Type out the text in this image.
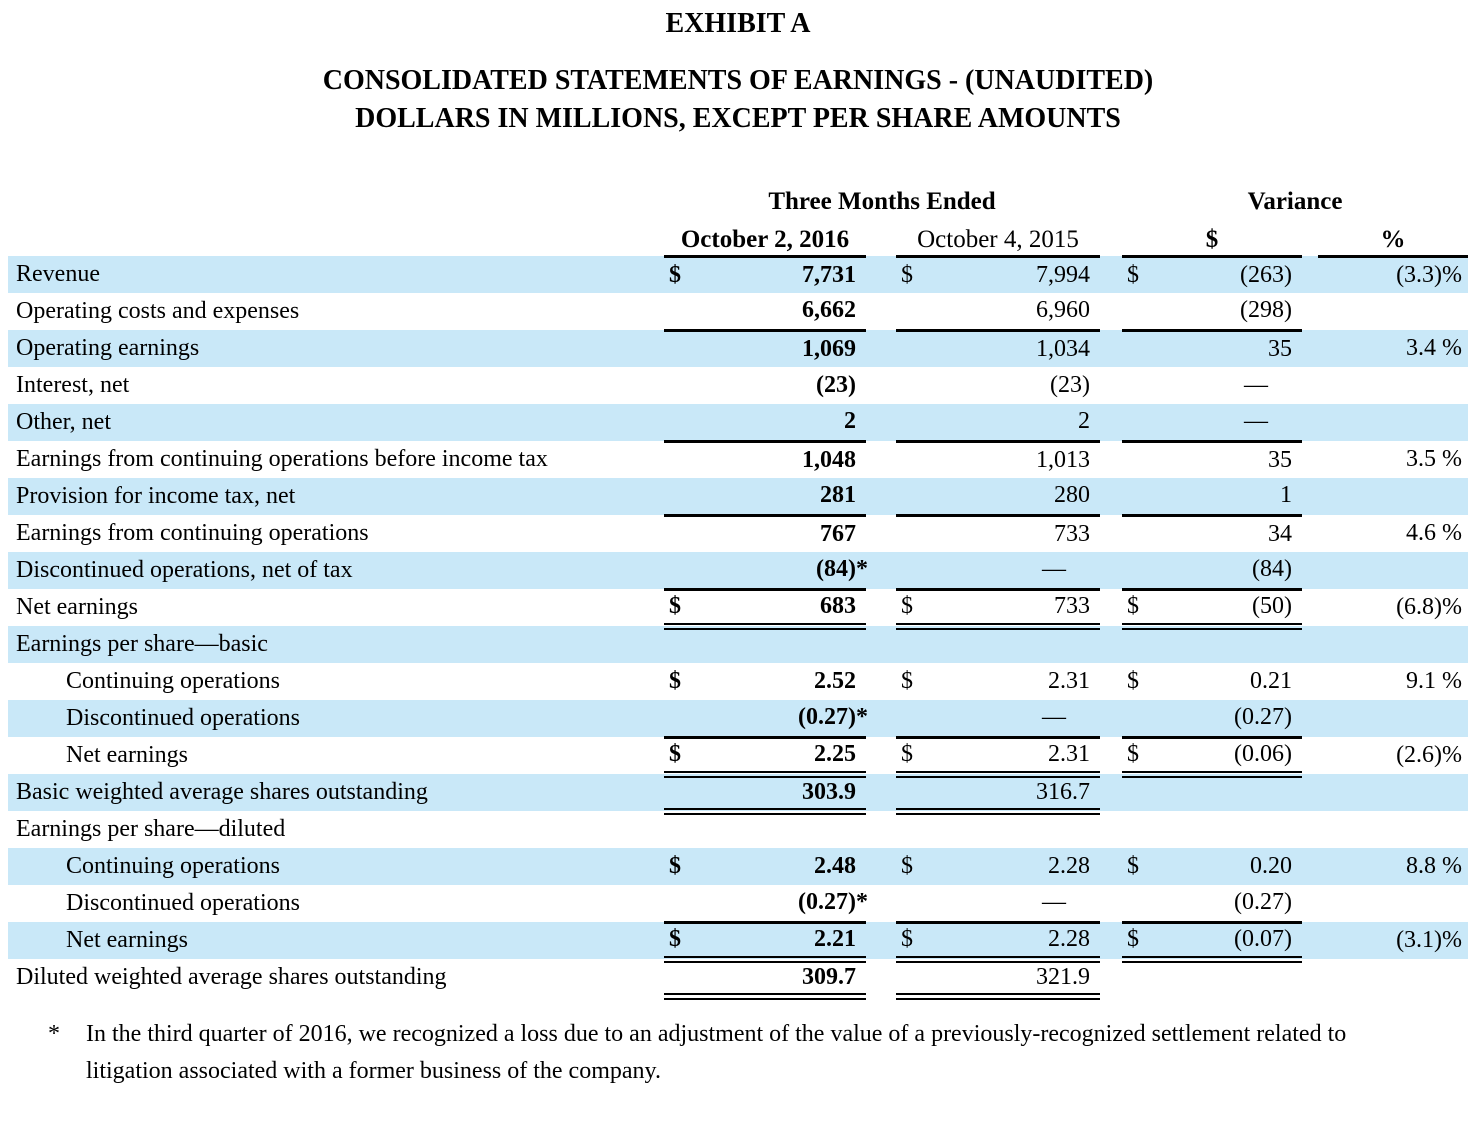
EXHIBIT A
CONSOLIDATED STATEMENTS OF EARNINGS - (UNAUDITED)
DOLLARS IN MILLIONS, EXCEPT PER SHARE AMOUNTS
	Three Months Ended						Variance			
	October 2, 2016			October 4, 2015			$			%
Revenue	$	7,731		$	7,994		$	(263)		(3.3)%
Operating costs and expenses		6,662			6,960			(298)		
Operating earnings		1,069			1,034			35		3.4 %
Interest, net		(23)			(23)			—		
Other, net		2			2			—		
Earnings from continuing operations before income tax		1,048			1,013			35		3.5 %
Provision for income tax, net		281			280			1		
Earnings from continuing operations		767			733			34		4.6 %
Discontinued operations, net of tax		(84)*			—			(84)		
Net earnings	$	683		$	733		$	(50)		(6.8)%
Earnings per share—basic										
Continuing operations	$	2.52		$	2.31		$	0.21		9.1 %
Discontinued operations		(0.27)*			—			(0.27)		
Net earnings	$	2.25		$	2.31		$	(0.06)		(2.6)%
Basic weighted average shares outstanding		303.9			316.7					
Earnings per share—diluted										
Continuing operations	$	2.48		$	2.28		$	0.20		8.8 %
Discontinued operations		(0.27)*			—			(0.27)		
Net earnings	$	2.21		$	2.28		$	(0.07)		(3.1)%
Diluted weighted average shares outstanding		309.7			321.9					
*	In the third quarter of 2016, we recognized a loss due to an adjustment of the value of a previously-recognized settlement related to litigation associated with a former business of the company.
